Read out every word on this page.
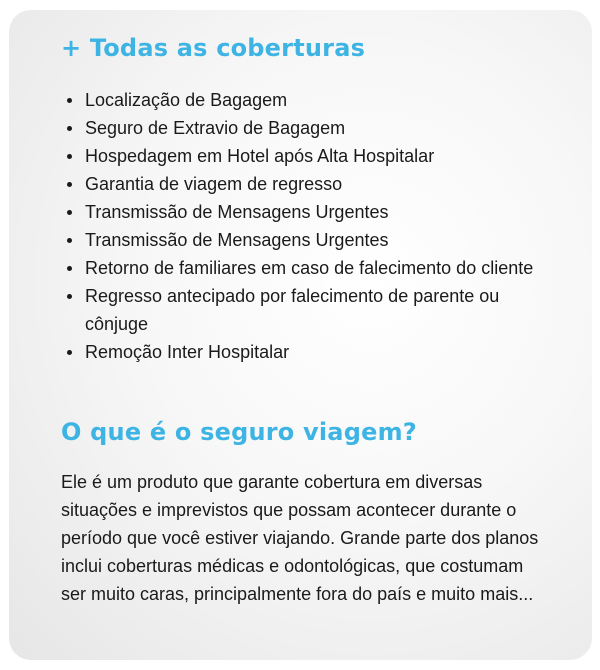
+ Todas as coberturas
Localização de Bagagem
Seguro de Extravio de Bagagem
Hospedagem em Hotel após Alta Hospitalar
Garantia de viagem de regresso
Transmissão de Mensagens Urgentes
Transmissão de Mensagens Urgentes
Retorno de familiares em caso de falecimento do cliente
Regresso antecipado por falecimento de parente ou cônjuge
Remoção Inter Hospitalar
O que é o seguro viagem?

Ele é um produto que garante cobertura em diversas situações e imprevistos que possam acontecer durante o período que você estiver viajando. Grande parte dos planos inclui coberturas médicas e odontológicas, que costumam ser muito caras, principalmente fora do país e muito mais...
